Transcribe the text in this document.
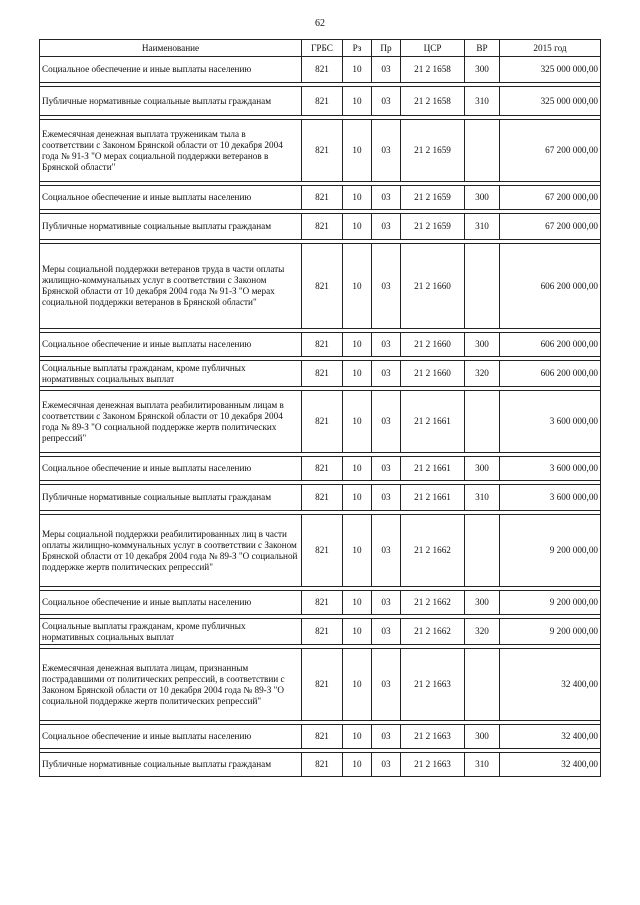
62
Наименование	ГРБС	Рз	Пр	ЦСР	ВР	2015 год
Социальное обеспечение и иные выплаты населению	821	10	03	21 2 1658	300	325 000 000,00

Публичные нормативные социальные выплаты гражданам	821	10	03	21 2 1658	310	325 000 000,00

Ежемесячная денежная выплата труженикам тыла в соответствии с Законом Брянской области от 10 декабря 2004 года № 91-З "О мерах социальной поддержки ветеранов в Брянской области"	821	10	03	21 2 1659		67 200 000,00

Социальное обеспечение и иные выплаты населению	821	10	03	21 2 1659	300	67 200 000,00

Публичные нормативные социальные выплаты гражданам	821	10	03	21 2 1659	310	67 200 000,00

Меры социальной поддержки ветеранов труда в части оплаты жилищно-коммунальных услуг в соответствии с Законом Брянской области от 10 декабря 2004 года № 91-З "О мерах социальной поддержки ветеранов в Брянской области"	821	10	03	21 2 1660		606 200 000,00

Социальное обеспечение и иные выплаты населению	821	10	03	21 2 1660	300	606 200 000,00

Социальные выплаты гражданам, кроме публичных нормативных социальных выплат	821	10	03	21 2 1660	320	606 200 000,00

Ежемесячная денежная выплата реабилитированным лицам в соответствии с Законом Брянской области от 10 декабря 2004 года № 89-З "О социальной поддержке жертв политических репрессий"	821	10	03	21 2 1661		3 600 000,00

Социальное обеспечение и иные выплаты населению	821	10	03	21 2 1661	300	3 600 000,00

Публичные нормативные социальные выплаты гражданам	821	10	03	21 2 1661	310	3 600 000,00

Меры социальной поддержки реабилитированных лиц в части оплаты жилищно-коммунальных услуг в соответствии с Законом Брянской области от 10 декабря 2004 года № 89-З "О социальной поддержке жертв политических репрессий"	821	10	03	21 2 1662		9 200 000,00

Социальное обеспечение и иные выплаты населению	821	10	03	21 2 1662	300	9 200 000,00

Социальные выплаты гражданам, кроме публичных нормативных социальных выплат	821	10	03	21 2 1662	320	9 200 000,00

Ежемесячная денежная выплата лицам, признанным пострадавшими от политических репрессий, в соответствии с Законом Брянской области от 10 декабря 2004 года № 89-З "О социальной поддержке жертв политических репрессий"	821	10	03	21 2 1663		32 400,00

Социальное обеспечение и иные выплаты населению	821	10	03	21 2 1663	300	32 400,00

Публичные нормативные социальные выплаты гражданам	821	10	03	21 2 1663	310	32 400,00
